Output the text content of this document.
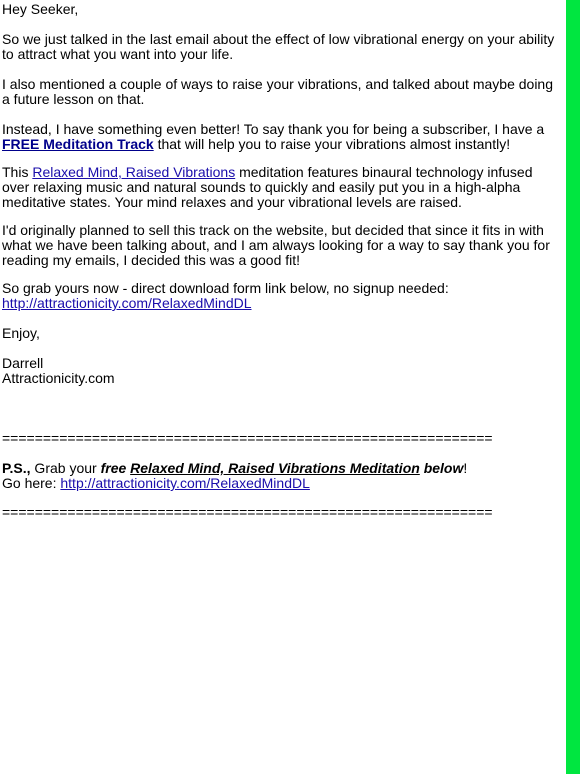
Hey Seeker,

So we just talked in the last email about the effect of low vibrational energy on your ability to attract what you want into your life.

I also mentioned a couple of ways to raise your vibrations, and talked about maybe doing a future lesson on that.

Instead, I have something even better! To say thank you for being a subscriber, I have a FREE Meditation Track that will help you to raise your vibrations almost instantly!

This Relaxed Mind, Raised Vibrations meditation features binaural technology infused over relaxing music and natural sounds to quickly and easily put you in a high-alpha meditative states. Your mind relaxes and your vibrational levels are raised.

I'd originally planned to sell this track on the website, but decided that since it fits in with what we have been talking about, and I am always looking for a way to say thank you for reading my emails, I decided this was a good fit!

So grab yours now - direct download form link below, no signup needed:
http://attractionicity.com/RelaxedMindDL

Enjoy,

Darrell
Attractionicity.com

============================================================

P.S., Grab your free Relaxed Mind, Raised Vibrations Meditation below!
Go here: http://attractionicity.com/RelaxedMindDL

============================================================
